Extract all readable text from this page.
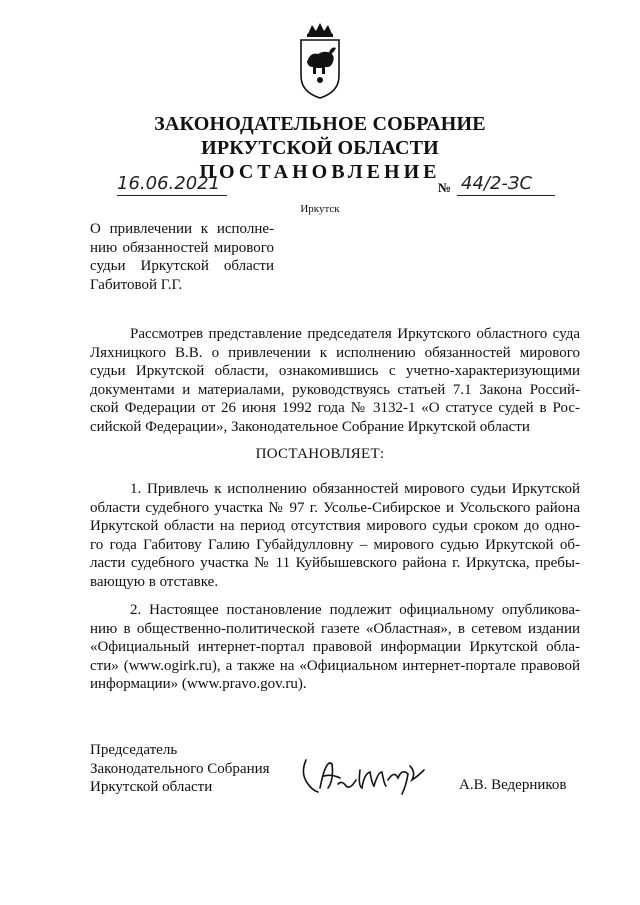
ЗАКОНОДАТЕЛЬНОЕ СОБРАНИЕ
ИРКУТСКОЙ ОБЛАСТИ
ПОСТАНОВЛЕНИЕ
16.06.2021	№ 44/2-ЗС
Иркутск
О привлечении к исполне-
нию обязанностей мирового
судьи Иркутской области
Габитовой Г.Г.
Рассмотрев представление председателя Иркутского областного суда
Ляхницкого В.В. о привлечении к исполнению обязанностей мирового
судьи Иркутской области, ознакомившись с учетно-характеризующими
документами и материалами, руководствуясь статьей 7.1 Закона Россий-
ской Федерации от 26 июня 1992 года № 3132-1 «О статусе судей в Рос-
сийской Федерации», Законодательное Собрание Иркутской области
ПОСТАНОВЛЯЕТ:
1. Привлечь к исполнению обязанностей мирового судьи Иркутской
области судебного участка № 97 г. Усолье-Сибирское и Усольского района
Иркутской области на период отсутствия мирового судьи сроком до одно-
го года Габитову Галию Губайдулловну – мирового судью Иркутской об-
ласти судебного участка № 11 Куйбышевского района г. Иркутска, пребы-
вающую в отставке.
2. Настоящее постановление подлежит официальному опубликова-
нию в общественно-политической газете «Областная», в сетевом издании
«Официальный интернет-портал правовой информации Иркутской обла-
сти» (www.ogirk.ru), а также на «Официальном интернет-портале правовой
информации» (www.pravo.gov.ru).
Председатель
Законодательного Собрания
Иркутской области	А.В. Ведерников
